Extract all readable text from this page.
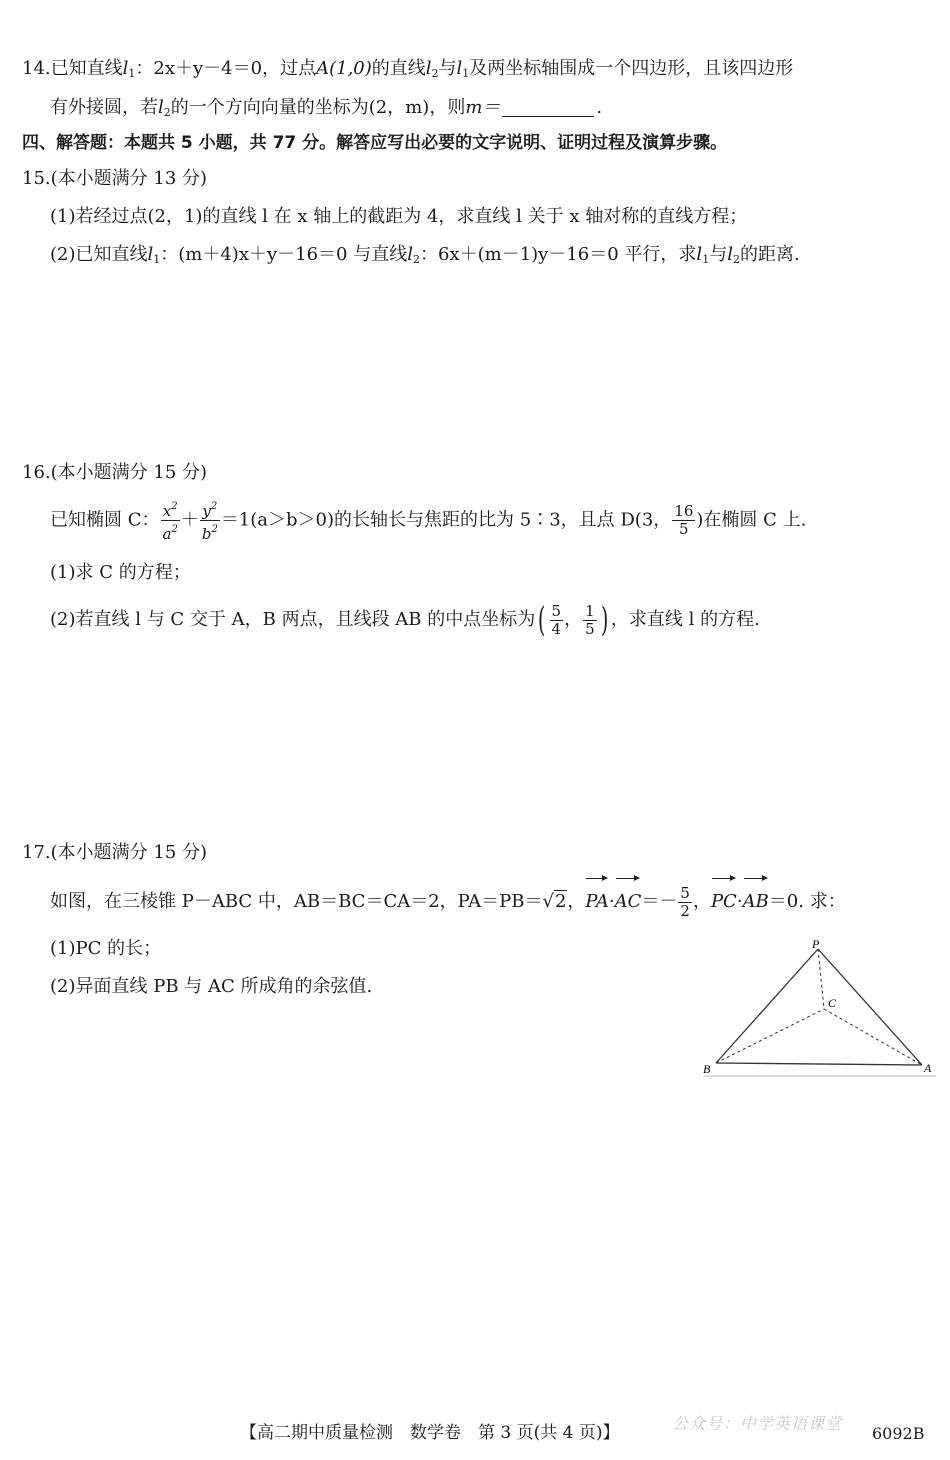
14.已知直线$l_1$：2x＋y－4＝0，过点A(1,0)的直线$l_2$与$l_1$及两坐标轴围成一个四边形，且该四边形
有外接圆，若$l_2$的一个方向向量的坐标为(2，m)，则m＝	.
四、解答题：本题共 5 小题，共 77 分。解答应写出必要的文字说明、证明过程及演算步骤。
15.(本小题满分 13 分)
(1)若经过点(2，1)的直线 l 在 x 轴上的截距为 4，求直线 l 关于 x 轴对称的直线方程；
(2)已知直线$l_1$：(m＋4)x＋y－16＝0 与直线$l_2$：6x＋(m－1)y－16＝0 平行，求$l_1$与$l_2$的距离.
16.(本小题满分 15 分)
已知椭圆 C： $\frac{x^2}{a^2} + \frac{y^2}{b^2} =1(a>b>0)$的长轴长与焦距的比为 5∶3，且点 D(3， $\frac{16}{5}$ )在椭圆 C 上.
(1)求 C 的方程；
(2)若直线 l 与 C 交于 A，B 两点，且线段 AB 的中点坐标为( $\frac{5}{4}$ ， $\frac{1}{5}$ ) ，求直线 l 的方程.
17.(本小题满分 15 分)
如图，在三棱锥 P－ABC 中，AB＝BC＝CA＝2，PA＝PB＝√2，$PA\cdot AC=- \frac{5}{2}$ ，PC·AB＝0. 求：
(1)PC 的长；
(2)异面直线 PB 与 AC 所成角的余弦值.
P
C
B	A
【高二期中质量检测　数学卷　第 3 页(共 4 页)】	公众号：中学英语课堂
6092B
